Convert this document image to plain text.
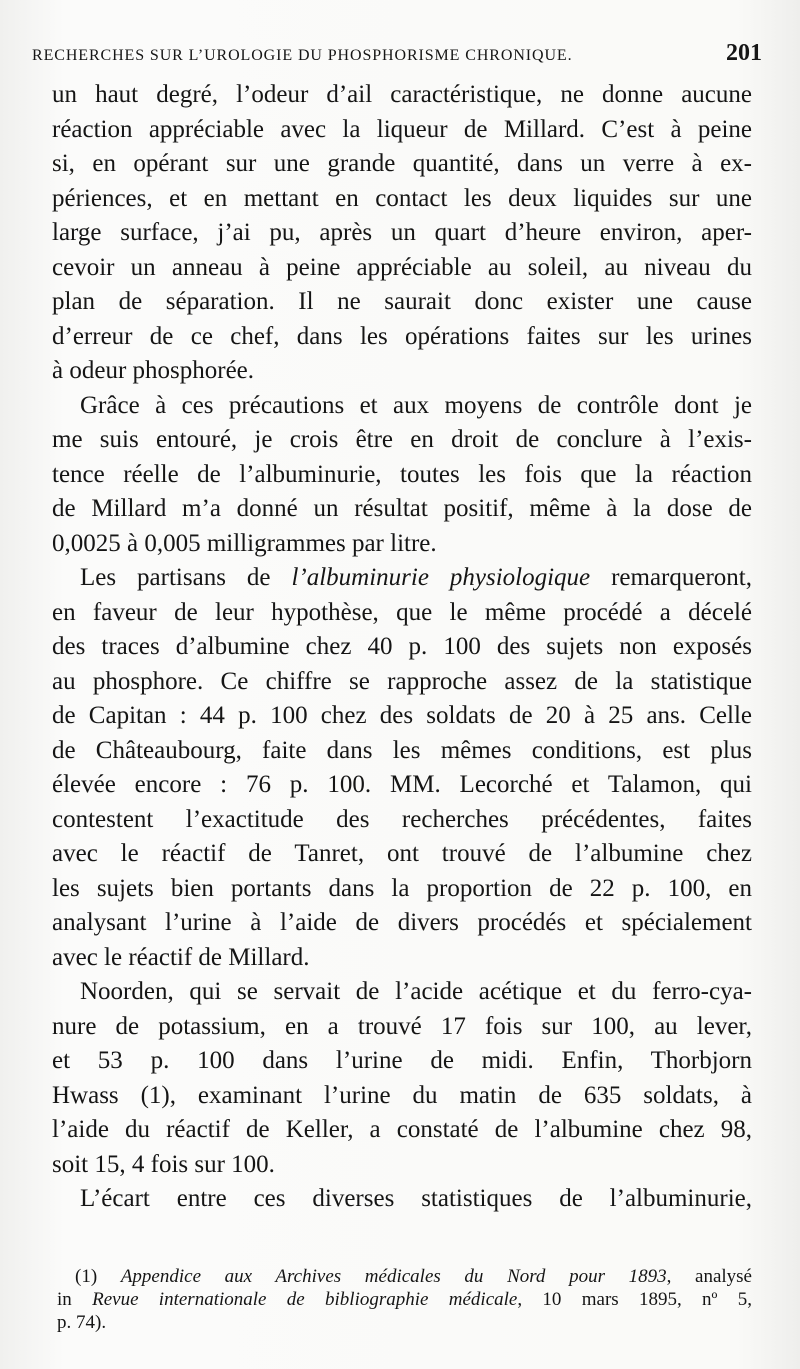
RECHERCHES SUR L’UROLOGIE DU PHOSPHORISME CHRONIQUE.	201
un haut degré, l’odeur d’ail caractéristique, ne donne aucune
réaction appréciable avec la liqueur de Millard. C’est à peine
si, en opérant sur une grande quantité, dans un verre à ex-
périences, et en mettant en contact les deux liquides sur une
large surface, j’ai pu, après un quart d’heure environ, aper-
cevoir un anneau à peine appréciable au soleil, au niveau du
plan de séparation. Il ne saurait donc exister une cause
d’erreur de ce chef, dans les opérations faites sur les urines
à odeur phosphorée.
Grâce à ces précautions et aux moyens de contrôle dont je
me suis entouré, je crois être en droit de conclure à l’exis-
tence réelle de l’albuminurie, toutes les fois que la réaction
de Millard m’a donné un résultat positif, même à la dose de
0,0025 à 0,005 milligrammes par litre.
Les partisans de l’albuminurie physiologique remarqueront,
en faveur de leur hypothèse, que le même procédé a décelé
des traces d’albumine chez 40 p. 100 des sujets non exposés
au phosphore. Ce chiffre se rapproche assez de la statistique
de Capitan : 44 p. 100 chez des soldats de 20 à 25 ans. Celle
de Châteaubourg, faite dans les mêmes conditions, est plus
élevée encore : 76 p. 100. MM. Lecorché et Talamon, qui
contestent l’exactitude des recherches précédentes, faites
avec le réactif de Tanret, ont trouvé de l’albumine chez
les sujets bien portants dans la proportion de 22 p. 100, en
analysant l’urine à l’aide de divers procédés et spécialement
avec le réactif de Millard.
Noorden, qui se servait de l’acide acétique et du ferro-cya-
nure de potassium, en a trouvé 17 fois sur 100, au lever,
et 53 p. 100 dans l’urine de midi. Enfin, Thorbjorn
Hwass (1), examinant l’urine du matin de 635 soldats, à
l’aide du réactif de Keller, a constaté de l’albumine chez 98,
soit 15, 4 fois sur 100.
L’écart entre ces diverses statistiques de l’albuminurie,
(1) Appendice aux Archives médicales du Nord pour 1893, analysé
in Revue internationale de bibliographie médicale, 10 mars 1895, nº 5,
p. 74).
